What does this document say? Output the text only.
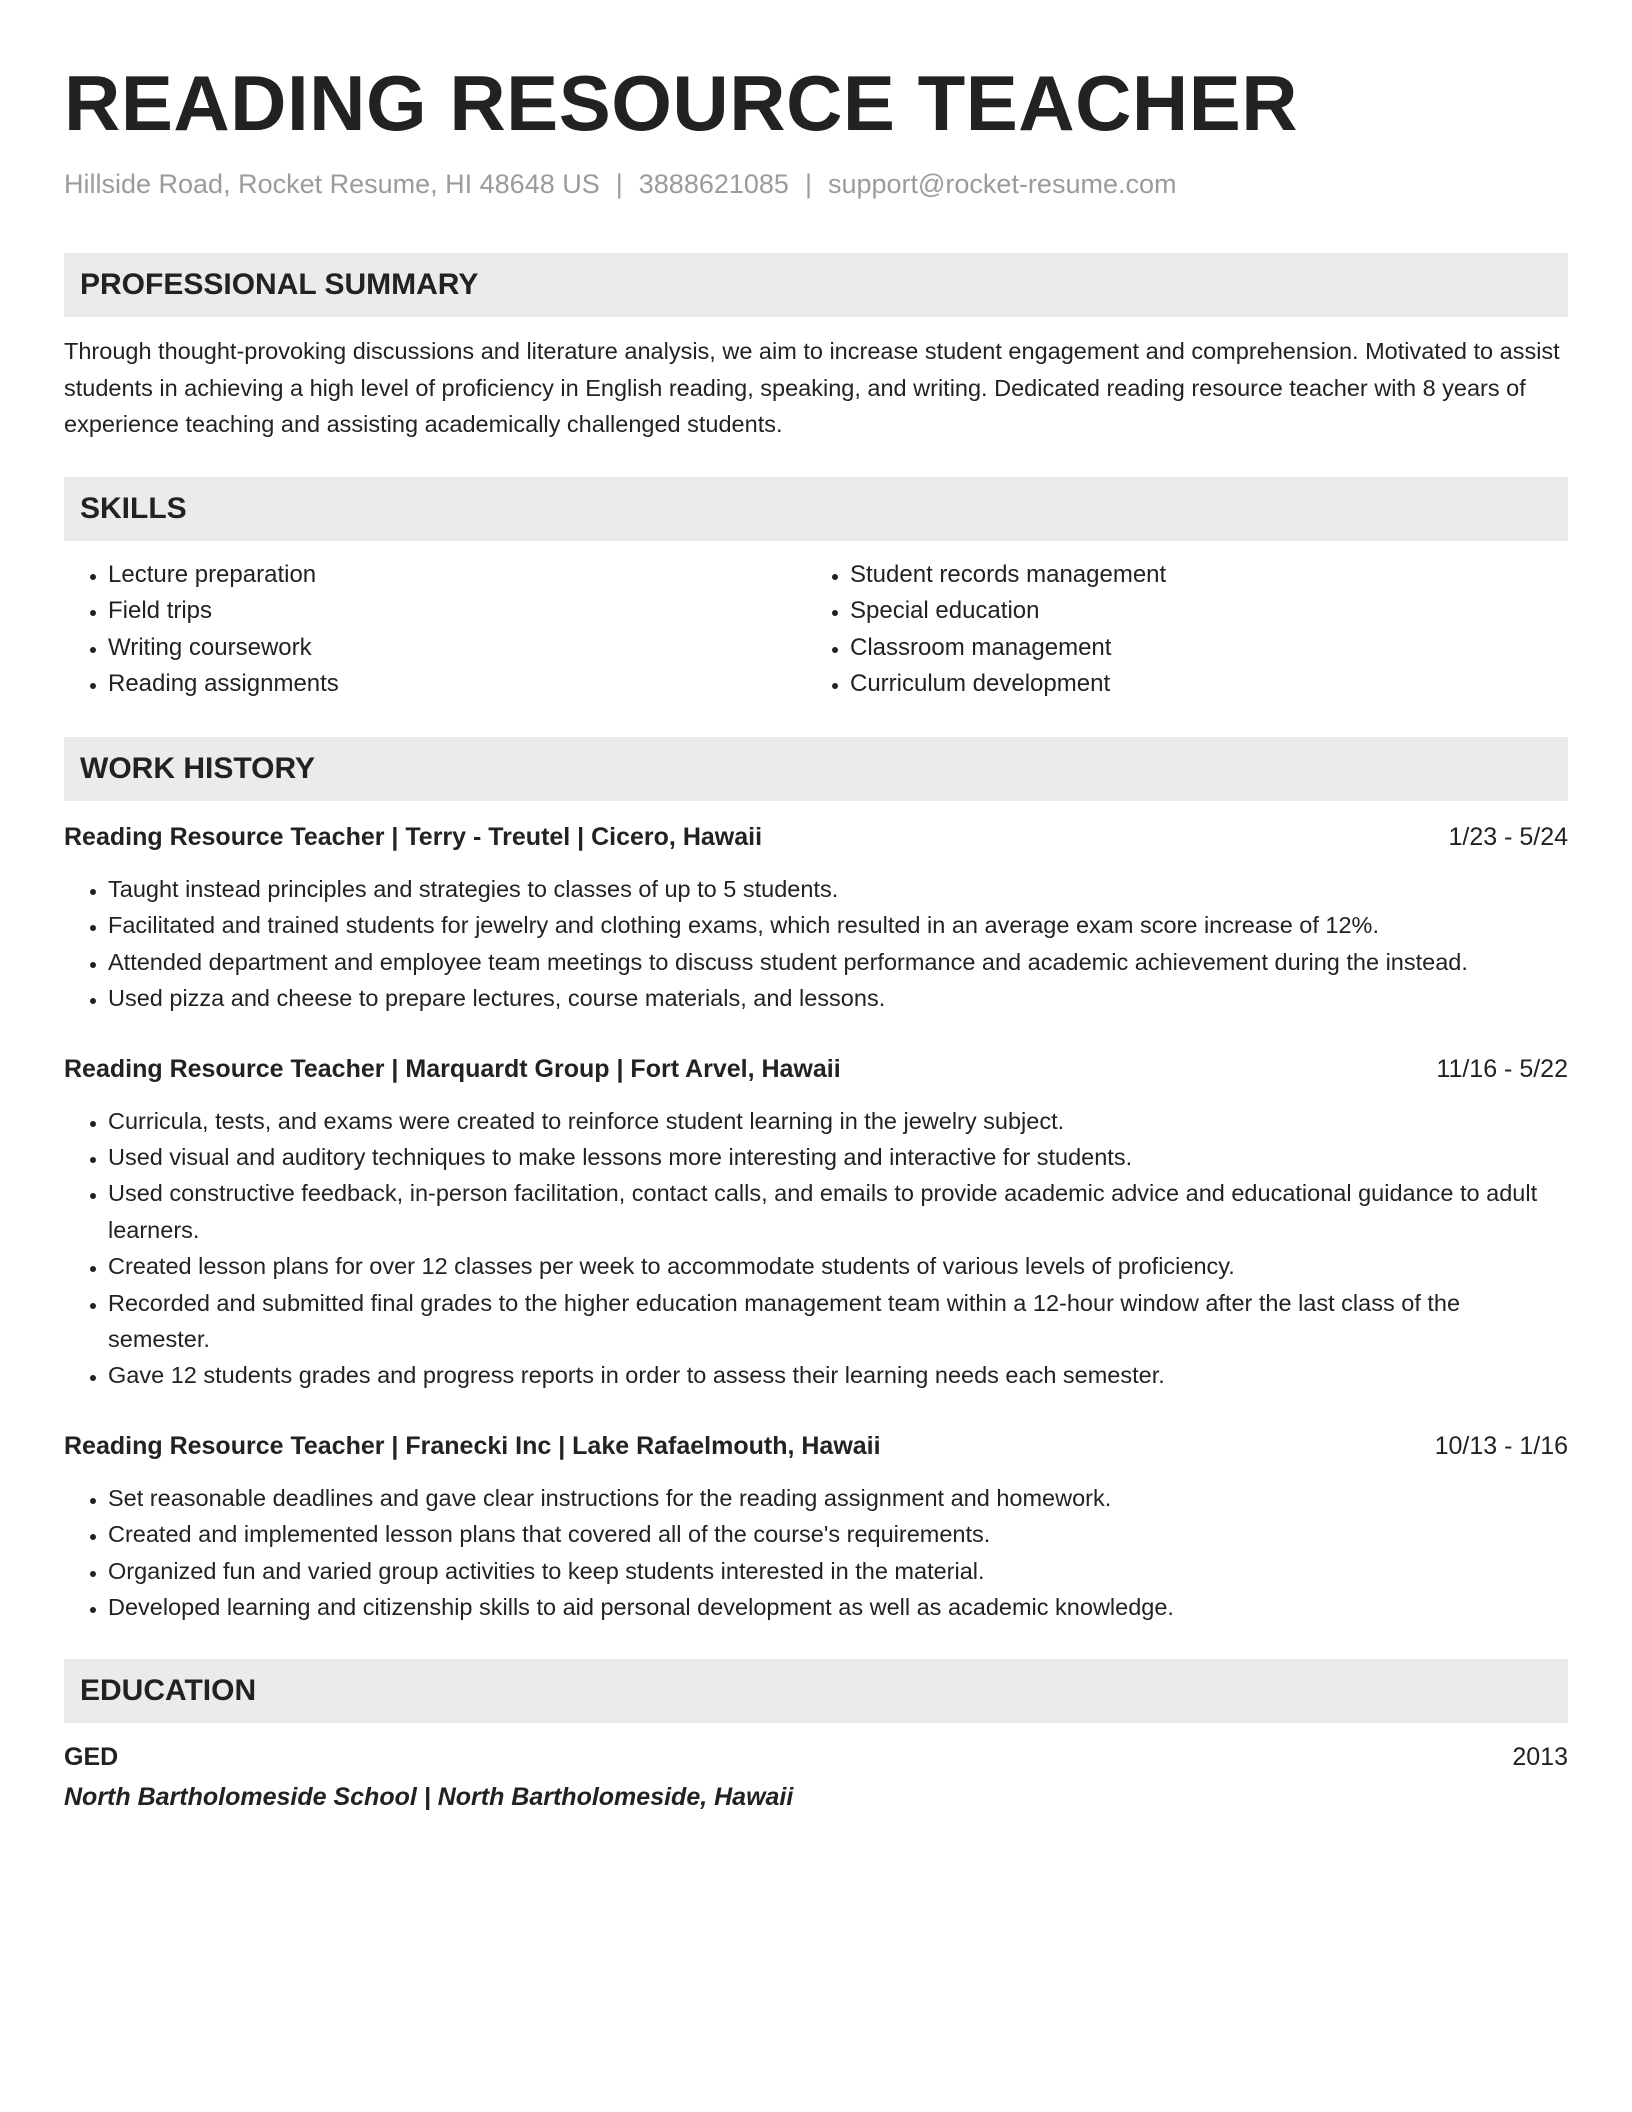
READING RESOURCE TEACHER
Hillside Road, Rocket Resume, HI 48648 US | 3888621085 | support@rocket-resume.com
PROFESSIONAL SUMMARY

Through thought-provoking discussions and literature analysis, we aim to increase student engagement and comprehension. Motivated to assist students in achieving a high level of proficiency in English reading, speaking, and writing. Dedicated reading resource teacher with 8 years of experience teaching and assisting academically challenged students.

SKILLS
• Lecture preparation
• Field trips
• Writing coursework
• Reading assignments
• Student records management
• Special education
• Classroom management
• Curriculum development
WORK HISTORY
Reading Resource Teacher | Terry - Treutel | Cicero, Hawaii	1/23 - 5/24
• Taught instead principles and strategies to classes of up to 5 students.
• Facilitated and trained students for jewelry and clothing exams, which resulted in an average exam score increase of 12%.
• Attended department and employee team meetings to discuss student performance and academic achievement during the instead.
• Used pizza and cheese to prepare lectures, course materials, and lessons.
Reading Resource Teacher | Marquardt Group | Fort Arvel, Hawaii	11/16 - 5/22
• Curricula, tests, and exams were created to reinforce student learning in the jewelry subject.
• Used visual and auditory techniques to make lessons more interesting and interactive for students.
• Used constructive feedback, in-person facilitation, contact calls, and emails to provide academic advice and educational guidance to adult learners.
• Created lesson plans for over 12 classes per week to accommodate students of various levels of proficiency.
• Recorded and submitted final grades to the higher education management team within a 12-hour window after the last class of the semester.
• Gave 12 students grades and progress reports in order to assess their learning needs each semester.
Reading Resource Teacher | Franecki Inc | Lake Rafaelmouth, Hawaii	10/13 - 1/16
• Set reasonable deadlines and gave clear instructions for the reading assignment and homework.
• Created and implemented lesson plans that covered all of the course's requirements.
• Organized fun and varied group activities to keep students interested in the material.
• Developed learning and citizenship skills to aid personal development as well as academic knowledge.
EDUCATION
GED	2013
North Bartholomeside School | North Bartholomeside, Hawaii
